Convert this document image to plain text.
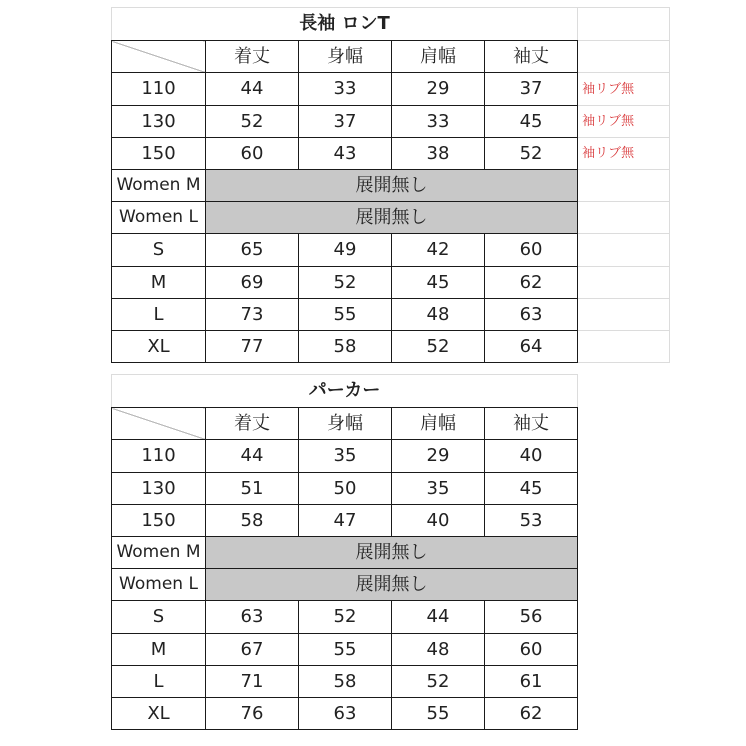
長袖 ロンT					
	着丈	身幅	肩幅	袖丈	
110	44	33	29	37	袖リブ無
130	52	37	33	45	袖リブ無
150	60	43	38	52	袖リブ無
Women M	展開無し				
Women L	展開無し				
S	65	49	42	60	
M	69	52	45	62	
L	73	55	48	63	
XL	77	58	52	64	
パーカー				
	着丈	身幅	肩幅	袖丈
110	44	35	29	40
130	51	50	35	45
150	58	47	40	53
Women M	展開無し			
Women L	展開無し			
S	63	52	44	56
M	67	55	48	60
L	71	58	52	61
XL	76	63	55	62
